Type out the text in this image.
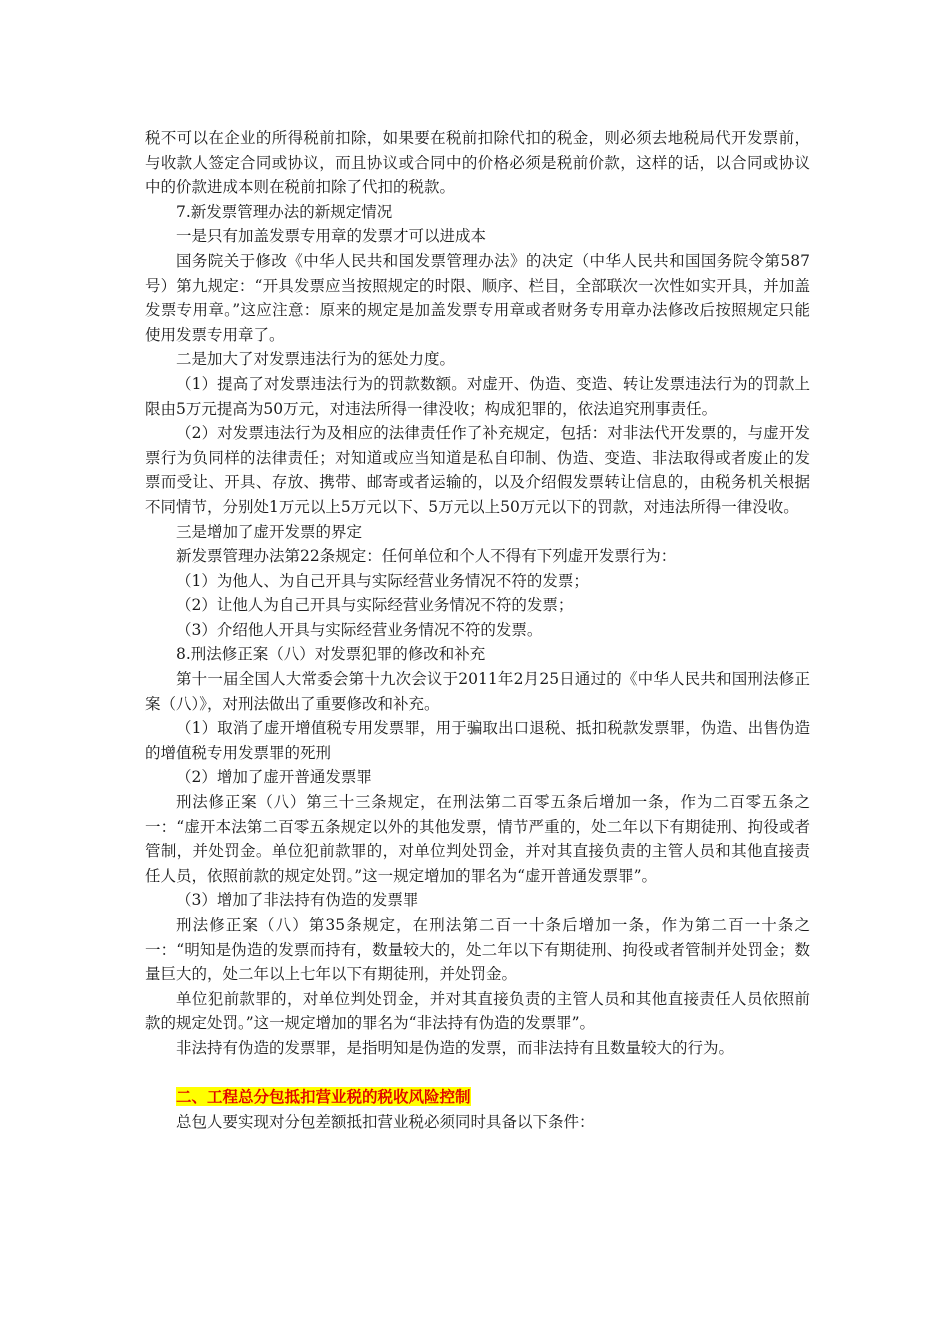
税不可以在企业的所得税前扣除，如果要在税前扣除代扣的税金，则必须去地税局代开发票前，与收款人签定合同或协议，而且协议或合同中的价格必须是税前价款，这样的话，以合同或协议中的价款进成本则在税前扣除了代扣的税款。

7.新发票管理办法的新规定情况

一是只有加盖发票专用章的发票才可以进成本

国务院关于修改《中华人民共和国发票管理办法》的决定（中华人民共和国国务院令第587号）第九规定：“开具发票应当按照规定的时限、顺序、栏目，全部联次一次性如实开具，并加盖发票专用章。”这应注意：原来的规定是加盖发票专用章或者财务专用章办法修改后按照规定只能使用发票专用章了。

二是加大了对发票违法行为的惩处力度。

（1）提高了对发票违法行为的罚款数额。对虚开、伪造、变造、转让发票违法行为的罚款上限由5万元提高为50万元，对违法所得一律没收；构成犯罪的，依法追究刑事责任。

（2）对发票违法行为及相应的法律责任作了补充规定，包括：对非法代开发票的，与虚开发票行为负同样的法律责任；对知道或应当知道是私自印制、伪造、变造、非法取得或者废止的发票而受让、开具、存放、携带、邮寄或者运输的，以及介绍假发票转让信息的，由税务机关根据不同情节，分别处1万元以上5万元以下、5万元以上50万元以下的罚款，对违法所得一律没收。

三是增加了虚开发票的界定

新发票管理办法第22条规定：任何单位和个人不得有下列虚开发票行为：

（1）为他人、为自己开具与实际经营业务情况不符的发票；

（2）让他人为自己开具与实际经营业务情况不符的发票；

（3）介绍他人开具与实际经营业务情况不符的发票。

8.刑法修正案（八）对发票犯罪的修改和补充

第十一届全国人大常委会第十九次会议于2011年2月25日通过的《中华人民共和国刑法修正案（八）》，对刑法做出了重要修改和补充。

（1）取消了虚开增值税专用发票罪，用于骗取出口退税、抵扣税款发票罪，伪造、出售伪造的增值税专用发票罪的死刑

（2）增加了虚开普通发票罪

刑法修正案（八）第三十三条规定，在刑法第二百零五条后增加一条，作为二百零五条之一：“虚开本法第二百零五条规定以外的其他发票，情节严重的，处二年以下有期徒刑、拘役或者管制，并处罚金。单位犯前款罪的，对单位判处罚金，并对其直接负责的主管人员和其他直接责任人员，依照前款的规定处罚。”这一规定增加的罪名为“虚开普通发票罪”。

（3）增加了非法持有伪造的发票罪

刑法修正案（八）第35条规定，在刑法第二百一十条后增加一条，作为第二百一十条之一：“明知是伪造的发票而持有，数量较大的，处二年以下有期徒刑、拘役或者管制并处罚金；数量巨大的，处二年以上七年以下有期徒刑，并处罚金。

单位犯前款罪的，对单位判处罚金，并对其直接负责的主管人员和其他直接责任人员依照前款的规定处罚。”这一规定增加的罪名为“非法持有伪造的发票罪”。

非法持有伪造的发票罪，是指明知是伪造的发票，而非法持有且数量较大的行为。

二、工程总分包抵扣营业税的税收风险控制

总包人要实现对分包差额抵扣营业税必须同时具备以下条件：
